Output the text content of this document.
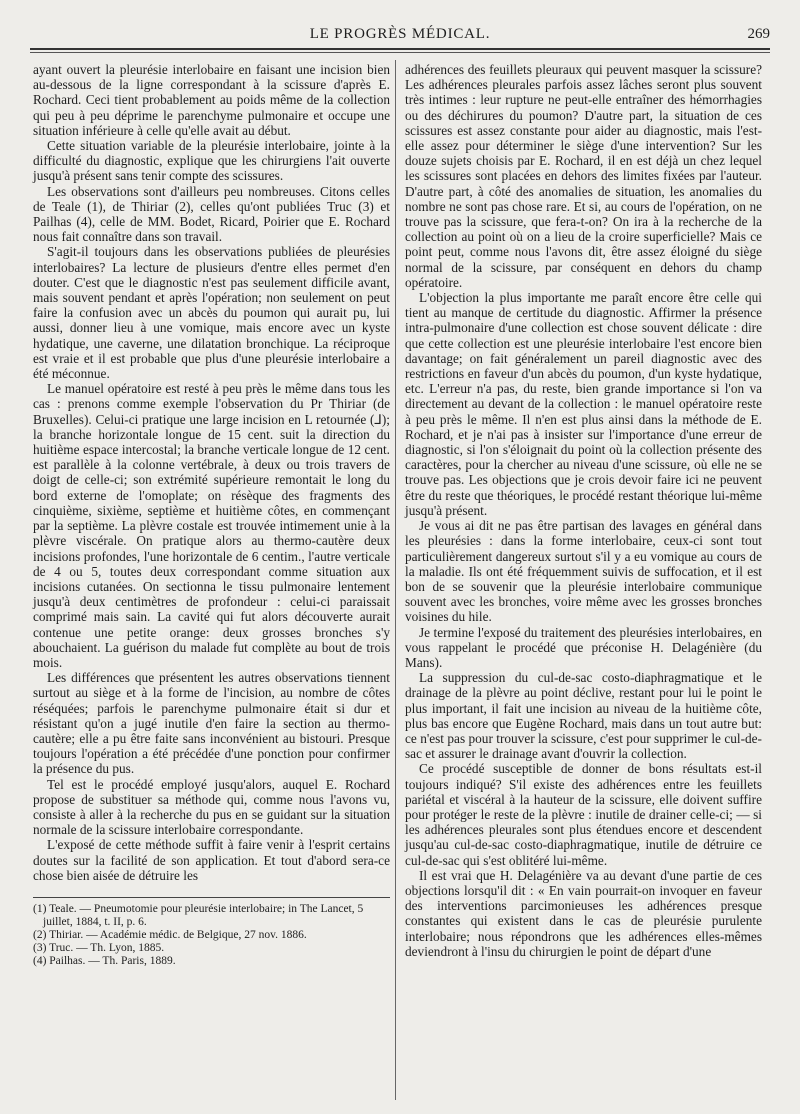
LE PROGRÈS MÉDICAL.	269

ayant ouvert la pleurésie interlobaire en faisant une incision bien au-dessous de la ligne correspondant à la scissure d'après E. Rochard. Ceci tient probablement au poids même de la collection qui peu à peu déprime le parenchyme pulmonaire et occupe une situation inférieure à celle qu'elle avait au début.

Cette situation variable de la pleurésie interlobaire, jointe à la difficulté du diagnostic, explique que les chirurgiens l'ait ouverte jusqu'à présent sans tenir compte des scissures.

Les observations sont d'ailleurs peu nombreuses. Citons celles de Teale (1), de Thiriar (2), celles qu'ont publiées Truc (3) et Pailhas (4), celle de MM. Bodet, Ricard, Poirier que E. Rochard nous fait connaître dans son travail.

S'agit-il toujours dans les observations publiées de pleurésies interlobaires? La lecture de plusieurs d'entre elles permet d'en douter. C'est que le diagnostic n'est pas seulement difficile avant, mais souvent pendant et après l'opération; non seulement on peut faire la confusion avec un abcès du poumon qui aurait pu, lui aussi, donner lieu à une vomique, mais encore avec un kyste hydatique, une caverne, une dilatation bronchique. La réciproque est vraie et il est probable que plus d'une pleurésie interlobaire a été méconnue.

Le manuel opératoire est resté à peu près le même dans tous les cas : prenons comme exemple l'observation du Pr Thiriar (de Bruxelles). Celui-ci pratique une large incision en L retournée (⅃); la branche horizontale longue de 15 cent. suit la direction du huitième espace intercostal; la branche verticale longue de 12 cent. est parallèle à la colonne vertébrale, à deux ou trois travers de doigt de celle-ci; son extrémité supérieure remontait le long du bord externe de l'omoplate; on résèque des fragments des cinquième, sixième, septième et huitième côtes, en commençant par la septième. La plèvre costale est trouvée intimement unie à la plèvre viscérale. On pratique alors au thermo-cautère deux incisions profondes, l'une horizontale de 6 centim., l'autre verticale de 4 ou 5, toutes deux correspondant comme situation aux incisions cutanées. On sectionna le tissu pulmonaire lentement jusqu'à deux centimètres de profondeur : celui-ci paraissait comprimé mais sain. La cavité qui fut alors découverte aurait contenue une petite orange: deux grosses bronches s'y abouchaient. La guérison du malade fut complète au bout de trois mois.

Les différences que présentent les autres observations tiennent surtout au siège et à la forme de l'incision, au nombre de côtes réséquées; parfois le parenchyme pulmonaire était si dur et résistant qu'on a jugé inutile d'en faire la section au thermo-cautère; elle a pu être faite sans inconvénient au bistouri. Presque toujours l'opération a été précédée d'une ponction pour confirmer la présence du pus.

Tel est le procédé employé jusqu'alors, auquel E. Rochard propose de substituer sa méthode qui, comme nous l'avons vu, consiste à aller à la recherche du pus en se guidant sur la situation normale de la scissure interlobaire correspondante.

L'exposé de cette méthode suffit à faire venir à l'esprit certains doutes sur la facilité de son application. Et tout d'abord sera-ce chose bien aisée de détruire les

(1) Teale. — Pneumotomie pour pleurésie interlobaire; in The Lancet, 5 juillet, 1884, t. II, p. 6.
(2) Thiriar. — Académie médic. de Belgique, 27 nov. 1886.
(3) Truc. — Th. Lyon, 1885.
(4) Pailhas. — Th. Paris, 1889.

adhérences des feuillets pleuraux qui peuvent masquer la scissure? Les adhérences pleurales parfois assez lâches seront plus souvent très intimes : leur rupture ne peut-elle entraîner des hémorrhagies ou des déchirures du poumon? D'autre part, la situation de ces scissures est assez constante pour aider au diagnostic, mais l'est-elle assez pour déterminer le siège d'une intervention? Sur les douze sujets choisis par E. Rochard, il en est déjà un chez lequel les scissures sont placées en dehors des limites fixées par l'auteur. D'autre part, à côté des anomalies de situation, les anomalies du nombre ne sont pas chose rare. Et si, au cours de l'opération, on ne trouve pas la scissure, que fera-t-on? On ira à la recherche de la collection au point où on a lieu de la croire superficielle? Mais ce point peut, comme nous l'avons dit, être assez éloigné du siège normal de la scissure, par conséquent en dehors du champ opératoire.

L'objection la plus importante me paraît encore être celle qui tient au manque de certitude du diagnostic. Affirmer la présence intra-pulmonaire d'une collection est chose souvent délicate : dire que cette collection est une pleurésie interlobaire l'est encore bien davantage; on fait généralement un pareil diagnostic avec des restrictions en faveur d'un abcès du poumon, d'un kyste hydatique, etc. L'erreur n'a pas, du reste, bien grande importance si l'on va directement au devant de la collection : le manuel opératoire reste à peu près le même. Il n'en est plus ainsi dans la méthode de E. Rochard, et je n'ai pas à insister sur l'importance d'une erreur de diagnostic, si l'on s'éloignait du point où la collection présente des caractères, pour la chercher au niveau d'une scissure, où elle ne se trouve pas. Les objections que je crois devoir faire ici ne peuvent être du reste que théoriques, le procédé restant théorique lui-même jusqu'à présent.

Je vous ai dit ne pas être partisan des lavages en général dans les pleurésies : dans la forme interlobaire, ceux-ci sont tout particulièrement dangereux surtout s'il y a eu vomique au cours de la maladie. Ils ont été fréquemment suivis de suffocation, et il est bon de se souvenir que la pleurésie interlobaire communique souvent avec les bronches, voire même avec les grosses bronches voisines du hile.

Je termine l'exposé du traitement des pleurésies interlobaires, en vous rappelant le procédé que préconise H. Delagénière (du Mans).

La suppression du cul-de-sac costo-diaphragmatique et le drainage de la plèvre au point déclive, restant pour lui le point le plus important, il fait une incision au niveau de la huitième côte, plus bas encore que Eugène Rochard, mais dans un tout autre but: ce n'est pas pour trouver la scissure, c'est pour supprimer le cul-de-sac et assurer le drainage avant d'ouvrir la collection.

Ce procédé susceptible de donner de bons résultats est-il toujours indiqué? S'il existe des adhérences entre les feuillets pariétal et viscéral à la hauteur de la scissure, elle doivent suffire pour protéger le reste de la plèvre : inutile de drainer celle-ci; — si les adhérences pleurales sont plus étendues encore et descendent jusqu'au cul-de-sac costo-diaphragmatique, inutile de détruire ce cul-de-sac qui s'est oblitéré lui-même.

Il est vrai que H. Delagénière va au devant d'une partie de ces objections lorsqu'il dit : « En vain pourrait-on invoquer en faveur des interventions parcimonieuses les adhérences presque constantes qui existent dans le cas de pleurésie purulente interlobaire; nous répondrons que les adhérences elles-mêmes deviendront à l'insu du chirurgien le point de départ d'une
